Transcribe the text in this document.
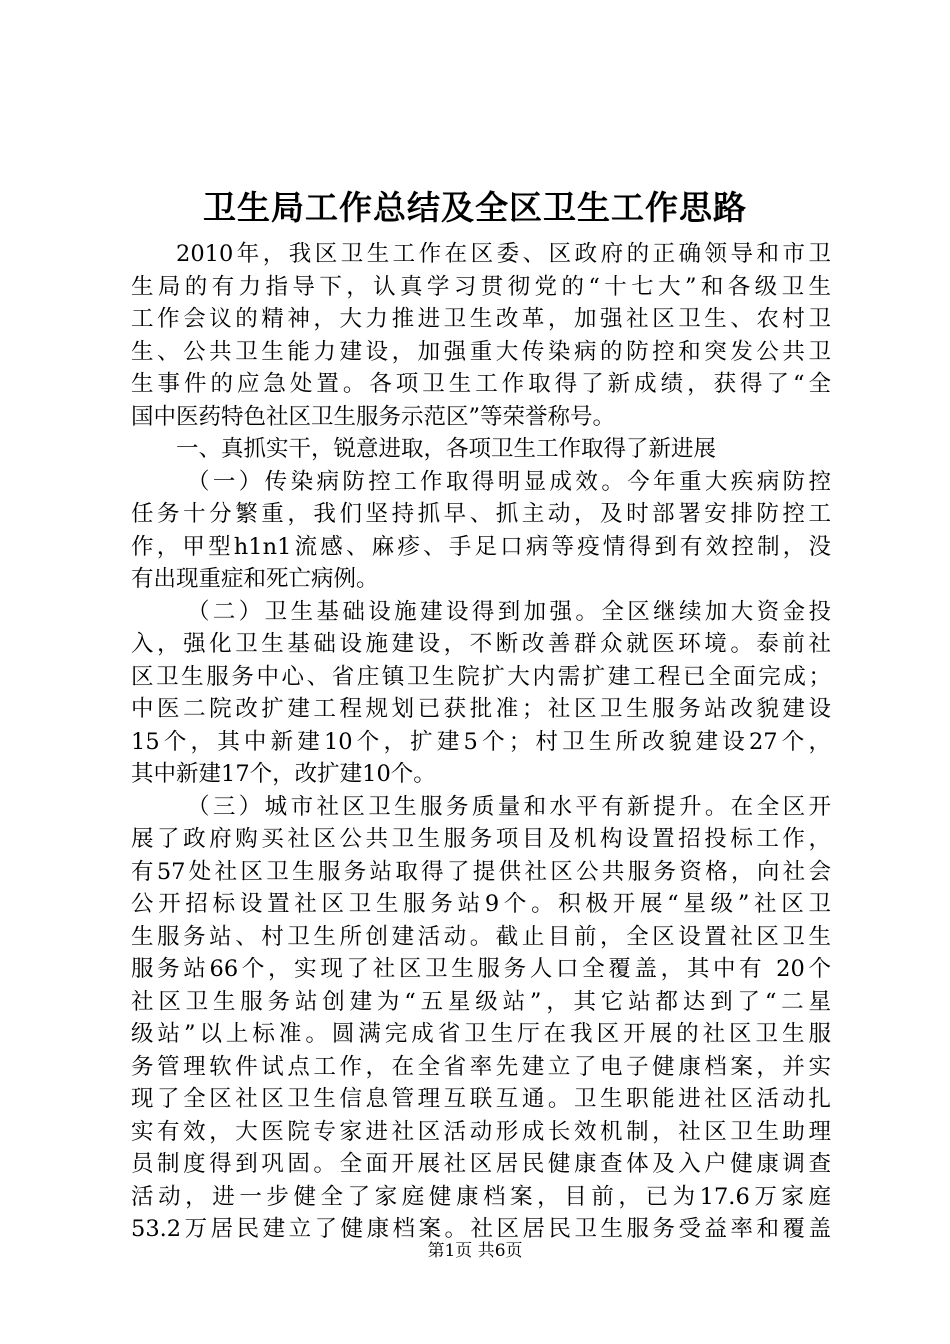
卫生局工作总结及全区卫生工作思路
2010年，我区卫生工作在区委、区政府的正确领导和市卫
生局的有力指导下，认真学习贯彻党的“十七大”和各级卫生
工作会议的精神，大力推进卫生改革，加强社区卫生、农村卫
生、公共卫生能力建设，加强重大传染病的防控和突发公共卫
生事件的应急处置。各项卫生工作取得了新成绩，获得了“全
国中医药特色社区卫生服务示范区”等荣誉称号。
一、真抓实干，锐意进取，各项卫生工作取得了新进展
（一）传染病防控工作取得明显成效。今年重大疾病防控
任务十分繁重，我们坚持抓早、抓主动，及时部署安排防控工
作，甲型h1n1流感、麻疹、手足口病等疫情得到有效控制，没
有出现重症和死亡病例。
（二）卫生基础设施建设得到加强。全区继续加大资金投
入，强化卫生基础设施建设，不断改善群众就医环境。泰前社
区卫生服务中心、省庄镇卫生院扩大内需扩建工程已全面完成；
中医二院改扩建工程规划已获批准；社区卫生服务站改貌建设
15个，其中新建10个，扩建5个；村卫生所改貌建设27个，
其中新建17个，改扩建10个。
（三）城市社区卫生服务质量和水平有新提升。在全区开
展了政府购买社区公共卫生服务项目及机构设置招投标工作，
有57处社区卫生服务站取得了提供社区公共服务资格，向社会
公开招标设置社区卫生服务站9个。积极开展“星级”社区卫
生服务站、村卫生所创建活动。截止目前，全区设置社区卫生
服务站66个，实现了社区卫生服务人口全覆盖，其中有 20个
社区卫生服务站创建为“五星级站”，其它站都达到了“二星
级站”以上标准。圆满完成省卫生厅在我区开展的社区卫生服
务管理软件试点工作，在全省率先建立了电子健康档案，并实
现了全区社区卫生信息管理互联互通。卫生职能进社区活动扎
实有效，大医院专家进社区活动形成长效机制，社区卫生助理
员制度得到巩固。全面开展社区居民健康查体及入户健康调查
活动，进一步健全了家庭健康档案，目前，已为17.6万家庭
53.2万居民建立了健康档案。社区居民卫生服务受益率和覆盖
第1页 共6页
